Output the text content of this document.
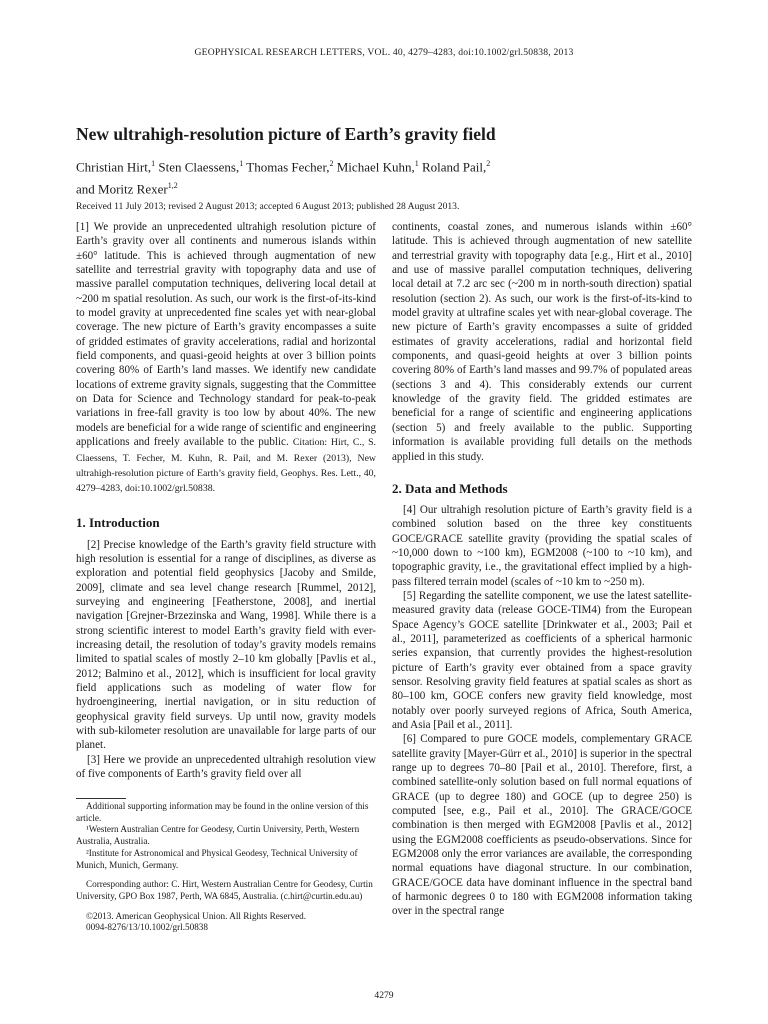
GEOPHYSICAL RESEARCH LETTERS, VOL. 40, 4279–4283, doi:10.1002/grl.50838, 2013
New ultrahigh-resolution picture of Earth’s gravity field
Christian Hirt,$^1$ Sten Claessens,$^1$ Thomas Fecher,$^2$ Michael Kuhn,$^1$ Roland Pail,$^2$
and Moritz Rexer$^{1,2}$
Received 11 July 2013; revised 2 August 2013; accepted 6 August 2013; published 28 August 2013.

[1] We provide an unprecedented ultrahigh resolution picture of Earth’s gravity over all continents and numerous islands within ±60° latitude. This is achieved through augmentation of new satellite and terrestrial gravity with topography data and use of massive parallel computation techniques, delivering local detail at ~200 m spatial resolution. As such, our work is the first-of-its-kind to model gravity at unprecedented fine scales yet with near-global coverage. The new picture of Earth’s gravity encompasses a suite of gridded estimates of gravity accelerations, radial and horizontal field components, and quasi-geoid heights at over 3 billion points covering 80% of Earth’s land masses. We identify new candidate locations of extreme gravity signals, suggesting that the Committee on Data for Science and Technology standard for peak-to-peak variations in free-fall gravity is too low by about 40%. The new models are beneficial for a wide range of scientific and engineering applications and freely available to the public. Citation: Hirt, C., S. Claessens, T. Fecher, M. Kuhn, R. Pail, and M. Rexer (2013), New ultrahigh-resolution picture of Earth’s gravity field, Geophys. Res. Lett., 40, 4279–4283, doi:10.1002/grl.50838.

1. Introduction

[2] Precise knowledge of the Earth’s gravity field structure with high resolution is essential for a range of disciplines, as diverse as exploration and potential field geophysics [Jacoby and Smilde, 2009], climate and sea level change research [Rummel, 2012], surveying and engineering [Featherstone, 2008], and inertial navigation [Grejner-Brzezinska and Wang, 1998]. While there is a strong scientific interest to model Earth’s gravity field with ever-increasing detail, the resolution of today’s gravity models remains limited to spatial scales of mostly 2–10 km globally [Pavlis et al., 2012; Balmino et al., 2012], which is insufficient for local gravity field applications such as modeling of water flow for hydroengineering, inertial navigation, or in situ reduction of geophysical gravity field surveys. Up until now, gravity models with sub-kilometer resolution are unavailable for large parts of our planet.

[3] Here we provide an unprecedented ultrahigh resolution view of five components of Earth’s gravity field over all

Additional supporting information may be found in the online version of this article.

¹Western Australian Centre for Geodesy, Curtin University, Perth, Western Australia, Australia.

²Institute for Astronomical and Physical Geodesy, Technical University of Munich, Munich, Germany.

Corresponding author: C. Hirt, Western Australian Centre for Geodesy, Curtin University, GPO Box 1987, Perth, WA 6845, Australia. (c.hirt@curtin.edu.au)

©2013. American Geophysical Union. All Rights Reserved.

0094-8276/13/10.1002/grl.50838

continents, coastal zones, and numerous islands within ±60° latitude. This is achieved through augmentation of new satellite and terrestrial gravity with topography data [e.g., Hirt et al., 2010] and use of massive parallel computation techniques, delivering local detail at 7.2 arc sec (~200 m in north-south direction) spatial resolution (section 2). As such, our work is the first-of-its-kind to model gravity at ultrafine scales yet with near-global coverage. The new picture of Earth’s gravity encompasses a suite of gridded estimates of gravity accelerations, radial and horizontal field components, and quasi-geoid heights at over 3 billion points covering 80% of Earth’s land masses and 99.7% of populated areas (sections 3 and 4). This considerably extends our current knowledge of the gravity field. The gridded estimates are beneficial for a range of scientific and engineering applications (section 5) and freely available to the public. Supporting information is available providing full details on the methods applied in this study.

2. Data and Methods

[4] Our ultrahigh resolution picture of Earth’s gravity field is a combined solution based on the three key constituents GOCE/GRACE satellite gravity (providing the spatial scales of ~10,000 down to ~100 km), EGM2008 (~100 to ~10 km), and topographic gravity, i.e., the gravitational effect implied by a high-pass filtered terrain model (scales of ~10 km to ~250 m).

[5] Regarding the satellite component, we use the latest satellite-measured gravity data (release GOCE-TIM4) from the European Space Agency’s GOCE satellite [Drinkwater et al., 2003; Pail et al., 2011], parameterized as coefficients of a spherical harmonic series expansion, that currently provides the highest-resolution picture of Earth’s gravity ever obtained from a space gravity sensor. Resolving gravity field features at spatial scales as short as 80–100 km, GOCE confers new gravity field knowledge, most notably over poorly surveyed regions of Africa, South America, and Asia [Pail et al., 2011].

[6] Compared to pure GOCE models, complementary GRACE satellite gravity [Mayer-Gürr et al., 2010] is superior in the spectral range up to degrees 70–80 [Pail et al., 2010]. Therefore, first, a combined satellite-only solution based on full normal equations of GRACE (up to degree 180) and GOCE (up to degree 250) is computed [see, e.g., Pail et al., 2010]. The GRACE/GOCE combination is then merged with EGM2008 [Pavlis et al., 2012] using the EGM2008 coefficients as pseudo-observations. Since for EGM2008 only the error variances are available, the corresponding normal equations have diagonal structure. In our combination, GRACE/GOCE data have dominant influence in the spectral band of harmonic degrees 0 to 180 with EGM2008 information taking over in the spectral range

4279
